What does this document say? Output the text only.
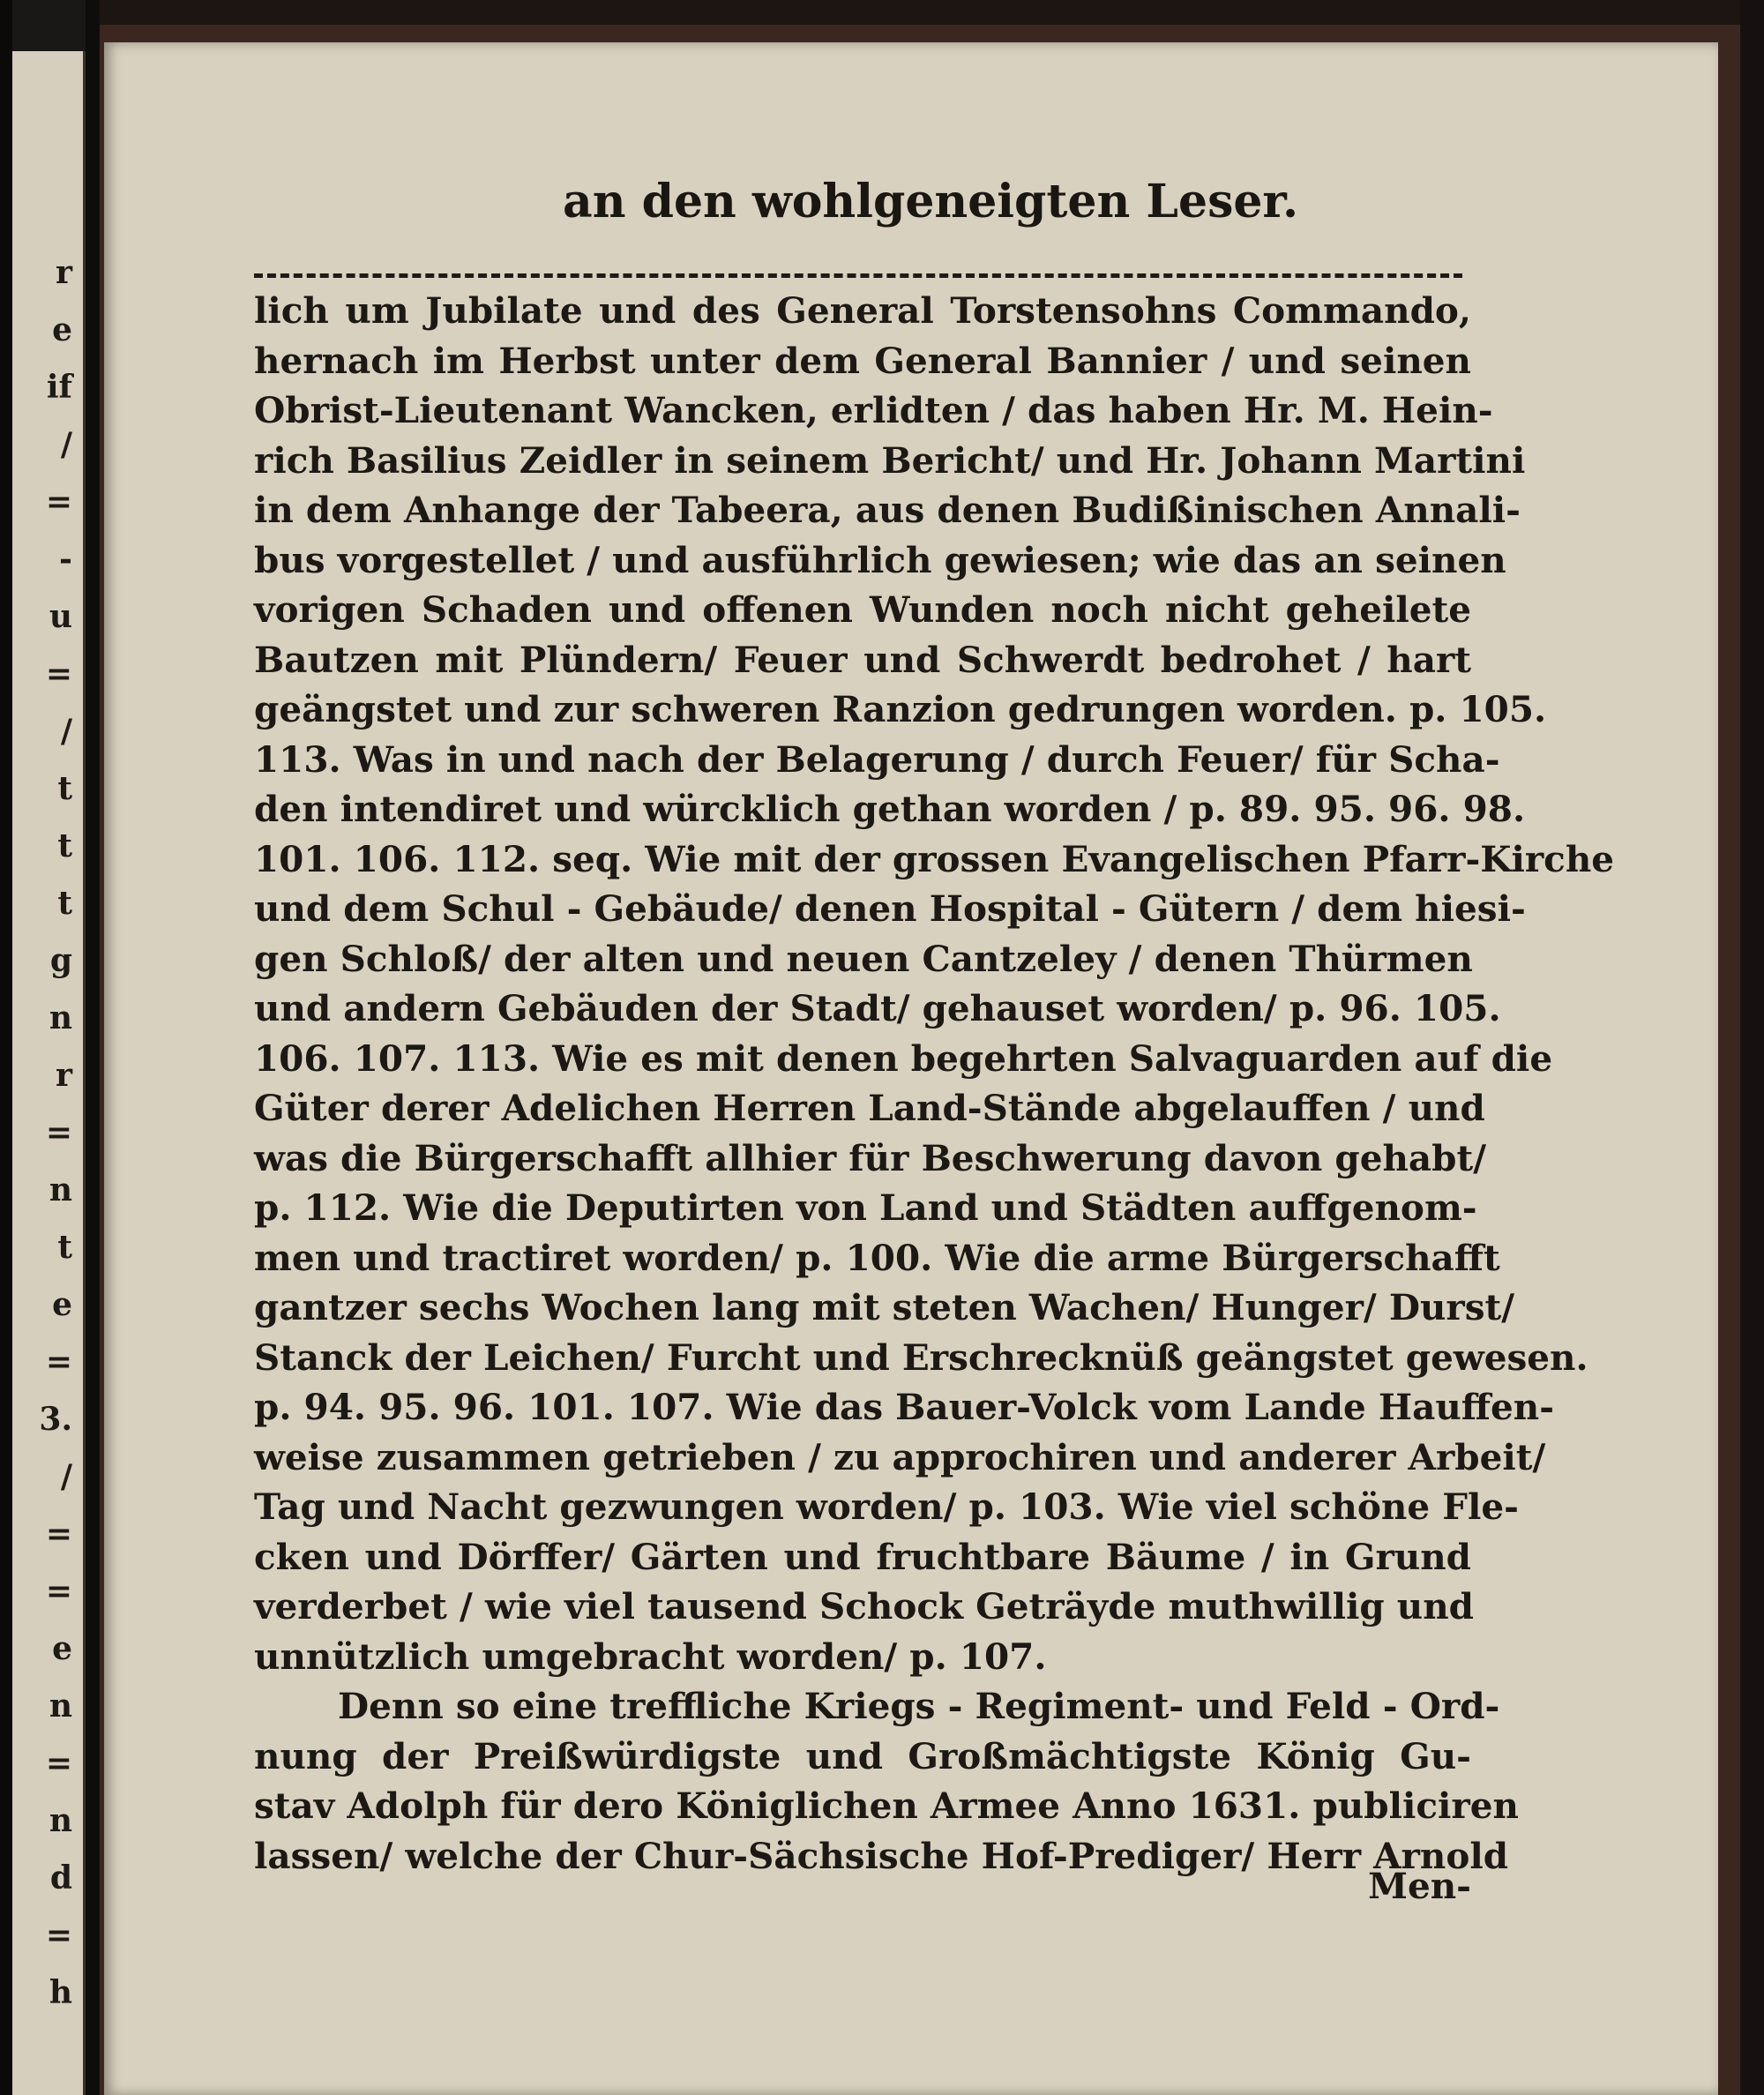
r
e
if
/
=
-
u
=
/
t
t
t
g
n
r
=
n
t
e
=
3.
/
=
=
e
n
=
n
d
=
h
an den wohlgeneigten Leser.
lich um Jubilate und des General Torstensohns Commando,
hernach im Herbst unter dem General Bannier / und seinen
Obrist-Lieutenant Wancken, erlidten / das haben Hr. M. Hein-
rich Basilius Zeidler in seinem Bericht/ und Hr. Johann Martini
in dem Anhange der Tabeera, aus denen Budißinischen Annali-
bus vorgestellet / und ausführlich gewiesen; wie das an seinen
vorigen Schaden und offenen Wunden noch nicht geheilete
Bautzen mit Plündern/ Feuer und Schwerdt bedrohet / hart
geängstet und zur schweren Ranzion gedrungen worden. p. 105.
113. Was in und nach der Belagerung / durch Feuer/ für Scha-
den intendiret und würcklich gethan worden / p. 89. 95. 96. 98.
101. 106. 112. seq. Wie mit der grossen Evangelischen Pfarr-Kirche
und dem Schul - Gebäude/ denen Hospital - Gütern / dem hiesi-
gen Schloß/ der alten und neuen Cantzeley / denen Thürmen
und andern Gebäuden der Stadt/ gehauset worden/ p. 96. 105.
106. 107. 113. Wie es mit denen begehrten Salvaguarden auf die
Güter derer Adelichen Herren Land-Stände abgelauffen / und
was die Bürgerschafft allhier für Beschwerung davon gehabt/
p. 112. Wie die Deputirten von Land und Städten auffgenom-
men und tractiret worden/ p. 100. Wie die arme Bürgerschafft
gantzer sechs Wochen lang mit steten Wachen/ Hunger/ Durst/
Stanck der Leichen/ Furcht und Erschrecknüß geängstet gewesen.
p. 94. 95. 96. 101. 107. Wie das Bauer-Volck vom Lande Hauffen-
weise zusammen getrieben / zu approchiren und anderer Arbeit/
Tag und Nacht gezwungen worden/ p. 103. Wie viel schöne Fle-
cken und Dörffer/ Gärten und fruchtbare Bäume / in Grund
verderbet / wie viel tausend Schock Geträyde muthwillig und
unnützlich umgebracht worden/ p. 107.
Denn so eine treffliche Kriegs - Regiment- und Feld - Ord-
nung der Preißwürdigste und Großmächtigste König Gu-
stav Adolph für dero Königlichen Armee Anno 1631. publiciren
lassen/ welche der Chur-Sächsische Hof-Prediger/ Herr Arnold
Men-
